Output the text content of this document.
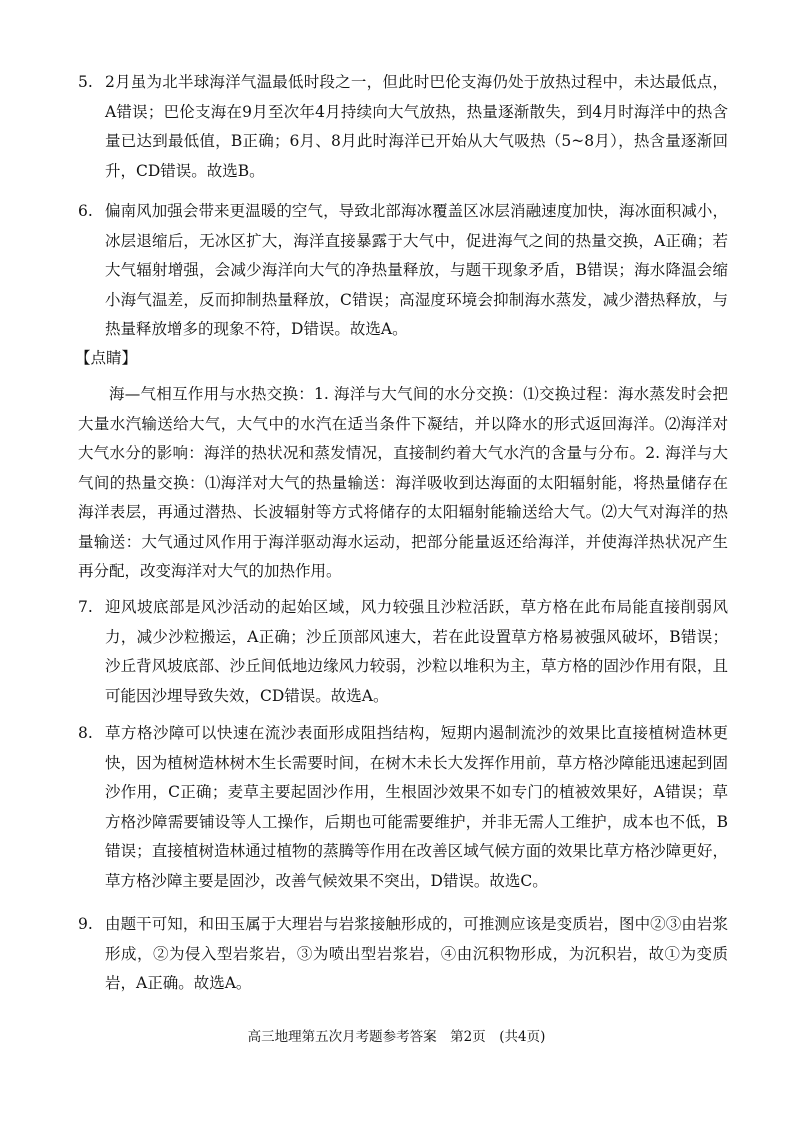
5. 2月虽为北半球海洋气温最低时段之一，但此时巴伦支海仍处于放热过程中，未达最低点，A错误；巴伦支海在9月至次年4月持续向大气放热，热量逐渐散失，到4月时海洋中的热含量已达到最低值，B正确；6月、8月此时海洋已开始从大气吸热（5~8月），热含量逐渐回升，CD错误。故选B。
6. 偏南风加强会带来更温暖的空气，导致北部海冰覆盖区冰层消融速度加快，海冰面积减小，冰层退缩后，无冰区扩大，海洋直接暴露于大气中，促进海气之间的热量交换，A正确；若大气辐射增强，会减少海洋向大气的净热量释放，与题干现象矛盾，B错误；海水降温会缩小海气温差，反而抑制热量释放，C错误；高湿度环境会抑制海水蒸发，减少潜热释放，与热量释放增多的现象不符，D错误。故选A。
【点睛】
海—气相互作用与水热交换：1. 海洋与大气间的水分交换：⑴交换过程：海水蒸发时会把大量水汽输送给大气，大气中的水汽在适当条件下凝结，并以降水的形式返回海洋。⑵海洋对大气水分的影响：海洋的热状况和蒸发情况，直接制约着大气水汽的含量与分布。2. 海洋与大气间的热量交换：⑴海洋对大气的热量输送：海洋吸收到达海面的太阳辐射能，将热量储存在海洋表层，再通过潜热、长波辐射等方式将储存的太阳辐射能输送给大气。⑵大气对海洋的热量输送：大气通过风作用于海洋驱动海水运动，把部分能量返还给海洋，并使海洋热状况产生再分配，改变海洋对大气的加热作用。
7. 迎风坡底部是风沙活动的起始区域，风力较强且沙粒活跃，草方格在此布局能直接削弱风力，减少沙粒搬运，A正确；沙丘顶部风速大，若在此设置草方格易被强风破坏，B错误；沙丘背风坡底部、沙丘间低地边缘风力较弱，沙粒以堆积为主，草方格的固沙作用有限，且可能因沙埋导致失效，CD错误。故选A。
8. 草方格沙障可以快速在流沙表面形成阻挡结构，短期内遏制流沙的效果比直接植树造林更快，因为植树造林树木生长需要时间，在树木未长大发挥作用前，草方格沙障能迅速起到固沙作用，C正确；麦草主要起固沙作用，生根固沙效果不如专门的植被效果好，A错误；草方格沙障需要铺设等人工操作，后期也可能需要维护，并非无需人工维护，成本也不低，B错误；直接植树造林通过植物的蒸腾等作用在改善区域气候方面的效果比草方格沙障更好，草方格沙障主要是固沙，改善气候效果不突出，D错误。故选C。
9. 由题干可知，和田玉属于大理岩与岩浆接触形成的，可推测应该是变质岩，图中②③由岩浆形成，②为侵入型岩浆岩，③为喷出型岩浆岩，④由沉积物形成，为沉积岩，故①为变质岩，A正确。故选A。
高三地理第五次月考题参考答案　第2页　(共4页)
